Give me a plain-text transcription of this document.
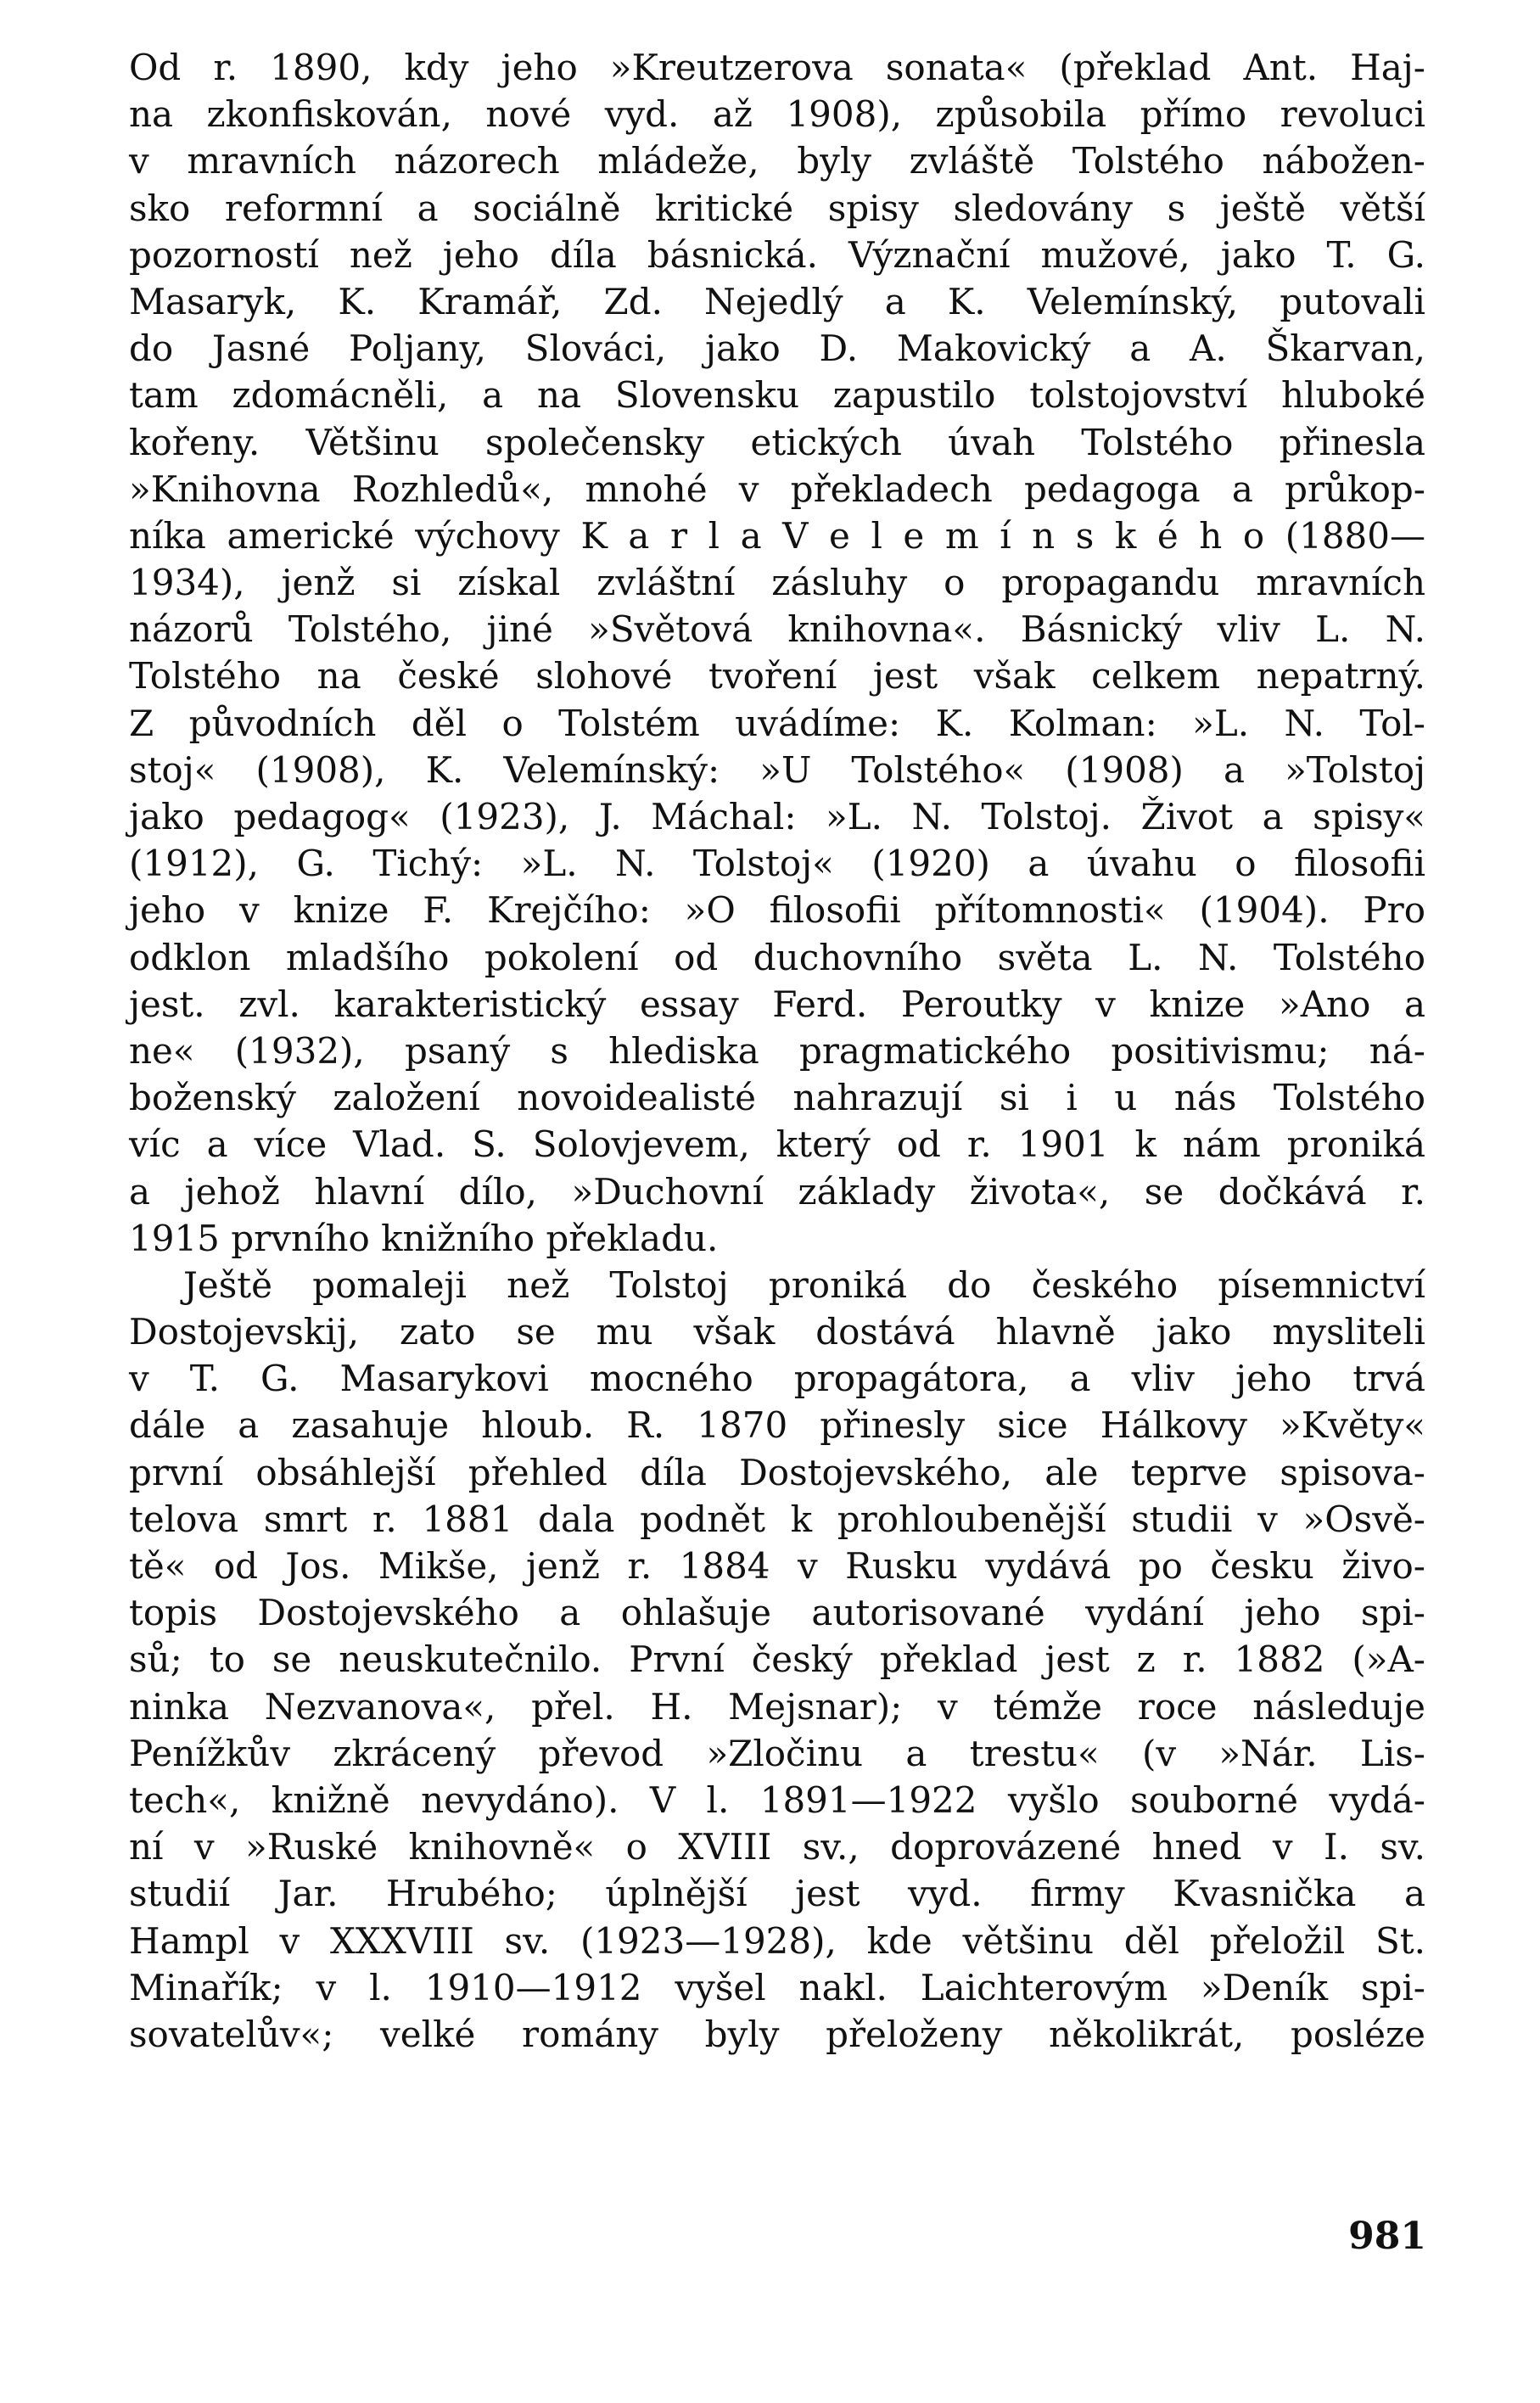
Od r. 1890, kdy jeho »Kreutzerova sonata« (překlad Ant. Haj-
na zkonfiskován, nové vyd. až 1908), způsobila přímo revoluci
v mravních názorech mládeže, byly zvláště Tolstého nábožen-
sko reformní a sociálně kritické spisy sledovány s ještě větší
pozorností než jeho díla básnická. Význační mužové, jako T. G.
Masaryk, K. Kramář, Zd. Nejedlý a K. Velemínský, putovali
do Jasné Poljany, Slováci, jako D. Makovický a A. Škarvan,
tam zdomácněli, a na Slovensku zapustilo tolstojovství hluboké
kořeny. Většinu společensky etických úvah Tolstého přinesla
»Knihovna Rozhledů«, mnohé v překladech pedagoga a průkop-
níka americké výchovy K a r l a V e l e m í n s k é h o (1880—
1934), jenž si získal zvláštní zásluhy o propagandu mravních
názorů Tolstého, jiné »Světová knihovna«. Básnický vliv L. N.
Tolstého na české slohové tvoření jest však celkem nepatrný.
Z původních děl o Tolstém uvádíme: K. Kolman: »L. N. Tol-
stoj« (1908), K. Velemínský: »U Tolstého« (1908) a »Tolstoj
jako pedagog« (1923), J. Máchal: »L. N. Tolstoj. Život a spisy«
(1912), G. Tichý: »L. N. Tolstoj« (1920) a úvahu o filosofii
jeho v knize F. Krejčího: »O filosofii přítomnosti« (1904). Pro
odklon mladšího pokolení od duchovního světa L. N. Tolstého
jest. zvl. karakteristický essay Ferd. Peroutky v knize »Ano a
ne« (1932), psaný s hlediska pragmatického positivismu; ná-
boženský založení novoidealisté nahrazují si i u nás Tolstého
víc a více Vlad. S. Solovjevem, který od r. 1901 k nám proniká
a jehož hlavní dílo, »Duchovní základy života«, se dočkává r.
1915 prvního knižního překladu.
Ještě pomaleji než Tolstoj proniká do českého písemnictví
Dostojevskij, zato se mu však dostává hlavně jako mysliteli
v T. G. Masarykovi mocného propagátora, a vliv jeho trvá
dále a zasahuje hloub. R. 1870 přinesly sice Hálkovy »Květy«
první obsáhlejší přehled díla Dostojevského, ale teprve spisova-
telova smrt r. 1881 dala podnět k prohloubenější studii v »Osvě-
tě« od Jos. Mikše, jenž r. 1884 v Rusku vydává po česku živo-
topis Dostojevského a ohlašuje autorisované vydání jeho spi-
sů; to se neuskutečnilo. První český překlad jest z r. 1882 (»A-
ninka Nezvanova«, přel. H. Mejsnar); v témže roce následuje
Penížkův zkrácený převod »Zločinu a trestu« (v »Nár. Lis-
tech«, knižně nevydáno). V l. 1891—1922 vyšlo souborné vydá-
ní v »Ruské knihovně« o XVIII sv., doprovázené hned v I. sv.
studií Jar. Hrubého; úplnější jest vyd. firmy Kvasnička a
Hampl v XXXVIII sv. (1923—1928), kde většinu děl přeložil St.
Minařík; v l. 1910—1912 vyšel nakl. Laichterovým »Deník spi-
sovatelův«; velké romány byly přeloženy několikrát, posléze
981
